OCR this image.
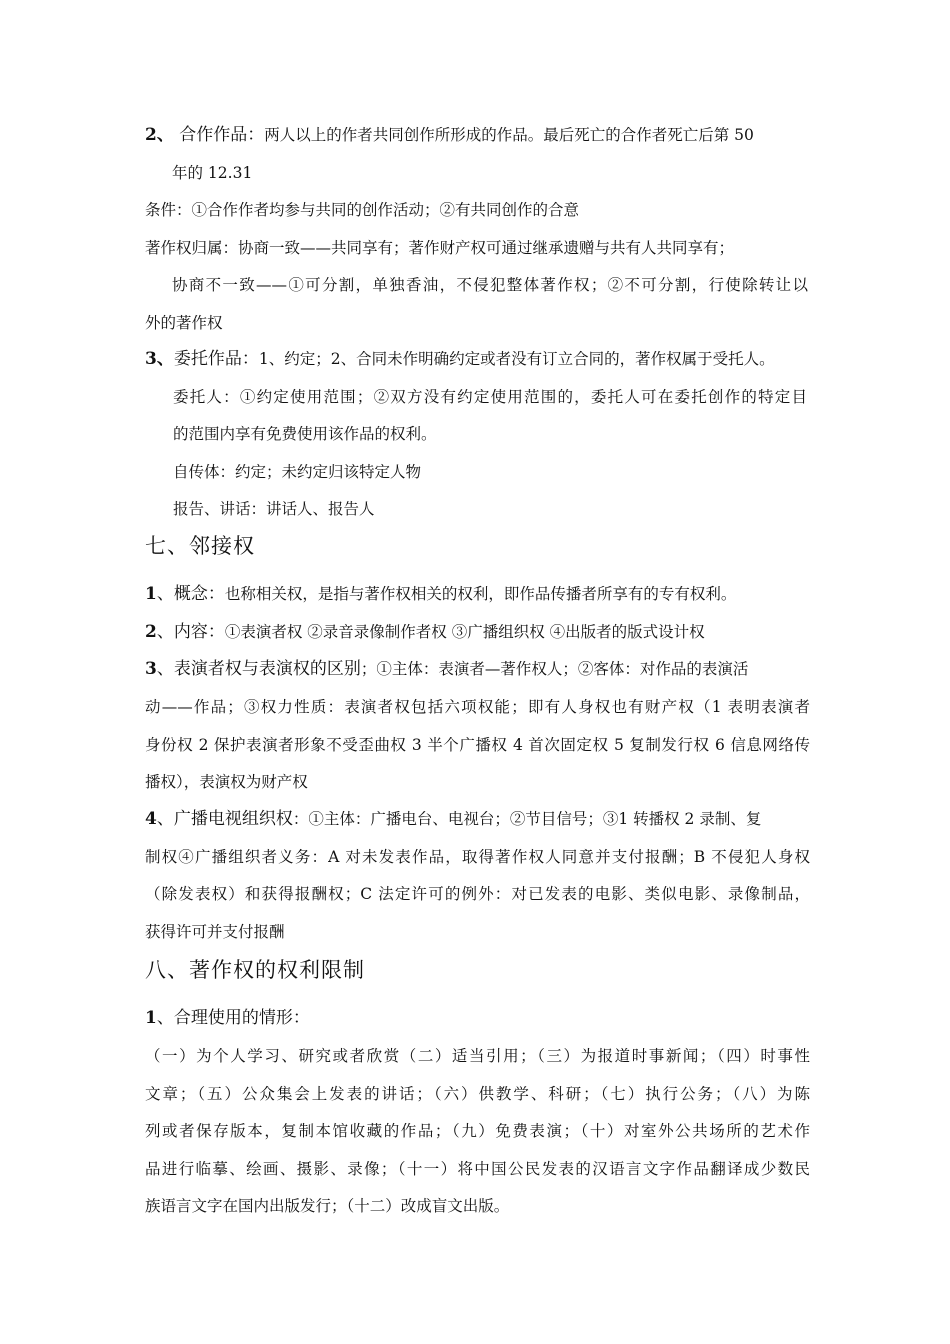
2、 合作作品：两人以上的作者共同创作所形成的作品。最后死亡的合作者死亡后第 50
年的 12.31
条件：①合作作者均参与共同的创作活动；②有共同创作的合意
著作权归属：协商一致——共同享有；著作财产权可通过继承遗赠与共有人共同享有；
协商不一致——①可分割，单独香油，不侵犯整体著作权；②不可分割，行使除转让以
外的著作权
3、委托作品：1、约定；2、合同未作明确约定或者没有订立合同的，著作权属于受托人。
委托人：①约定使用范围；②双方没有约定使用范围的，委托人可在委托创作的特定目
的范围内享有免费使用该作品的权利。
自传体：约定；未约定归该特定人物
报告、讲话：讲话人、报告人
七、邻接权
1、概念：也称相关权，是指与著作权相关的权利，即作品传播者所享有的专有权利。
2、内容：①表演者权 ②录音录像制作者权 ③广播组织权 ④出版者的版式设计权
3、表演者权与表演权的区别；①主体：表演者—著作权人；②客体：对作品的表演活
动——作品；③权力性质：表演者权包括六项权能；即有人身权也有财产权（1 表明表演者
身份权 2 保护表演者形象不受歪曲权 3 半个广播权 4 首次固定权 5 复制发行权 6 信息网络传
播权），表演权为财产权
4、广播电视组织权：①主体：广播电台、电视台；②节目信号；③1 转播权 2 录制、复
制权④广播组织者义务：A 对未发表作品，取得著作权人同意并支付报酬；B 不侵犯人身权
（除发表权）和获得报酬权；C 法定许可的例外：对已发表的电影、类似电影、录像制品，
获得许可并支付报酬
八、著作权的权利限制
1、合理使用的情形：
（一）为个人学习、研究或者欣赏（二）适当引用；（三）为报道时事新闻；（四）时事性
文章；（五）公众集会上发表的讲话；（六）供教学、科研；（七）执行公务；（八）为陈
列或者保存版本，复制本馆收藏的作品；（九）免费表演；（十）对室外公共场所的艺术作
品进行临摹、绘画、摄影、录像；（十一）将中国公民发表的汉语言文字作品翻译成少数民
族语言文字在国内出版发行；（十二）改成盲文出版。
